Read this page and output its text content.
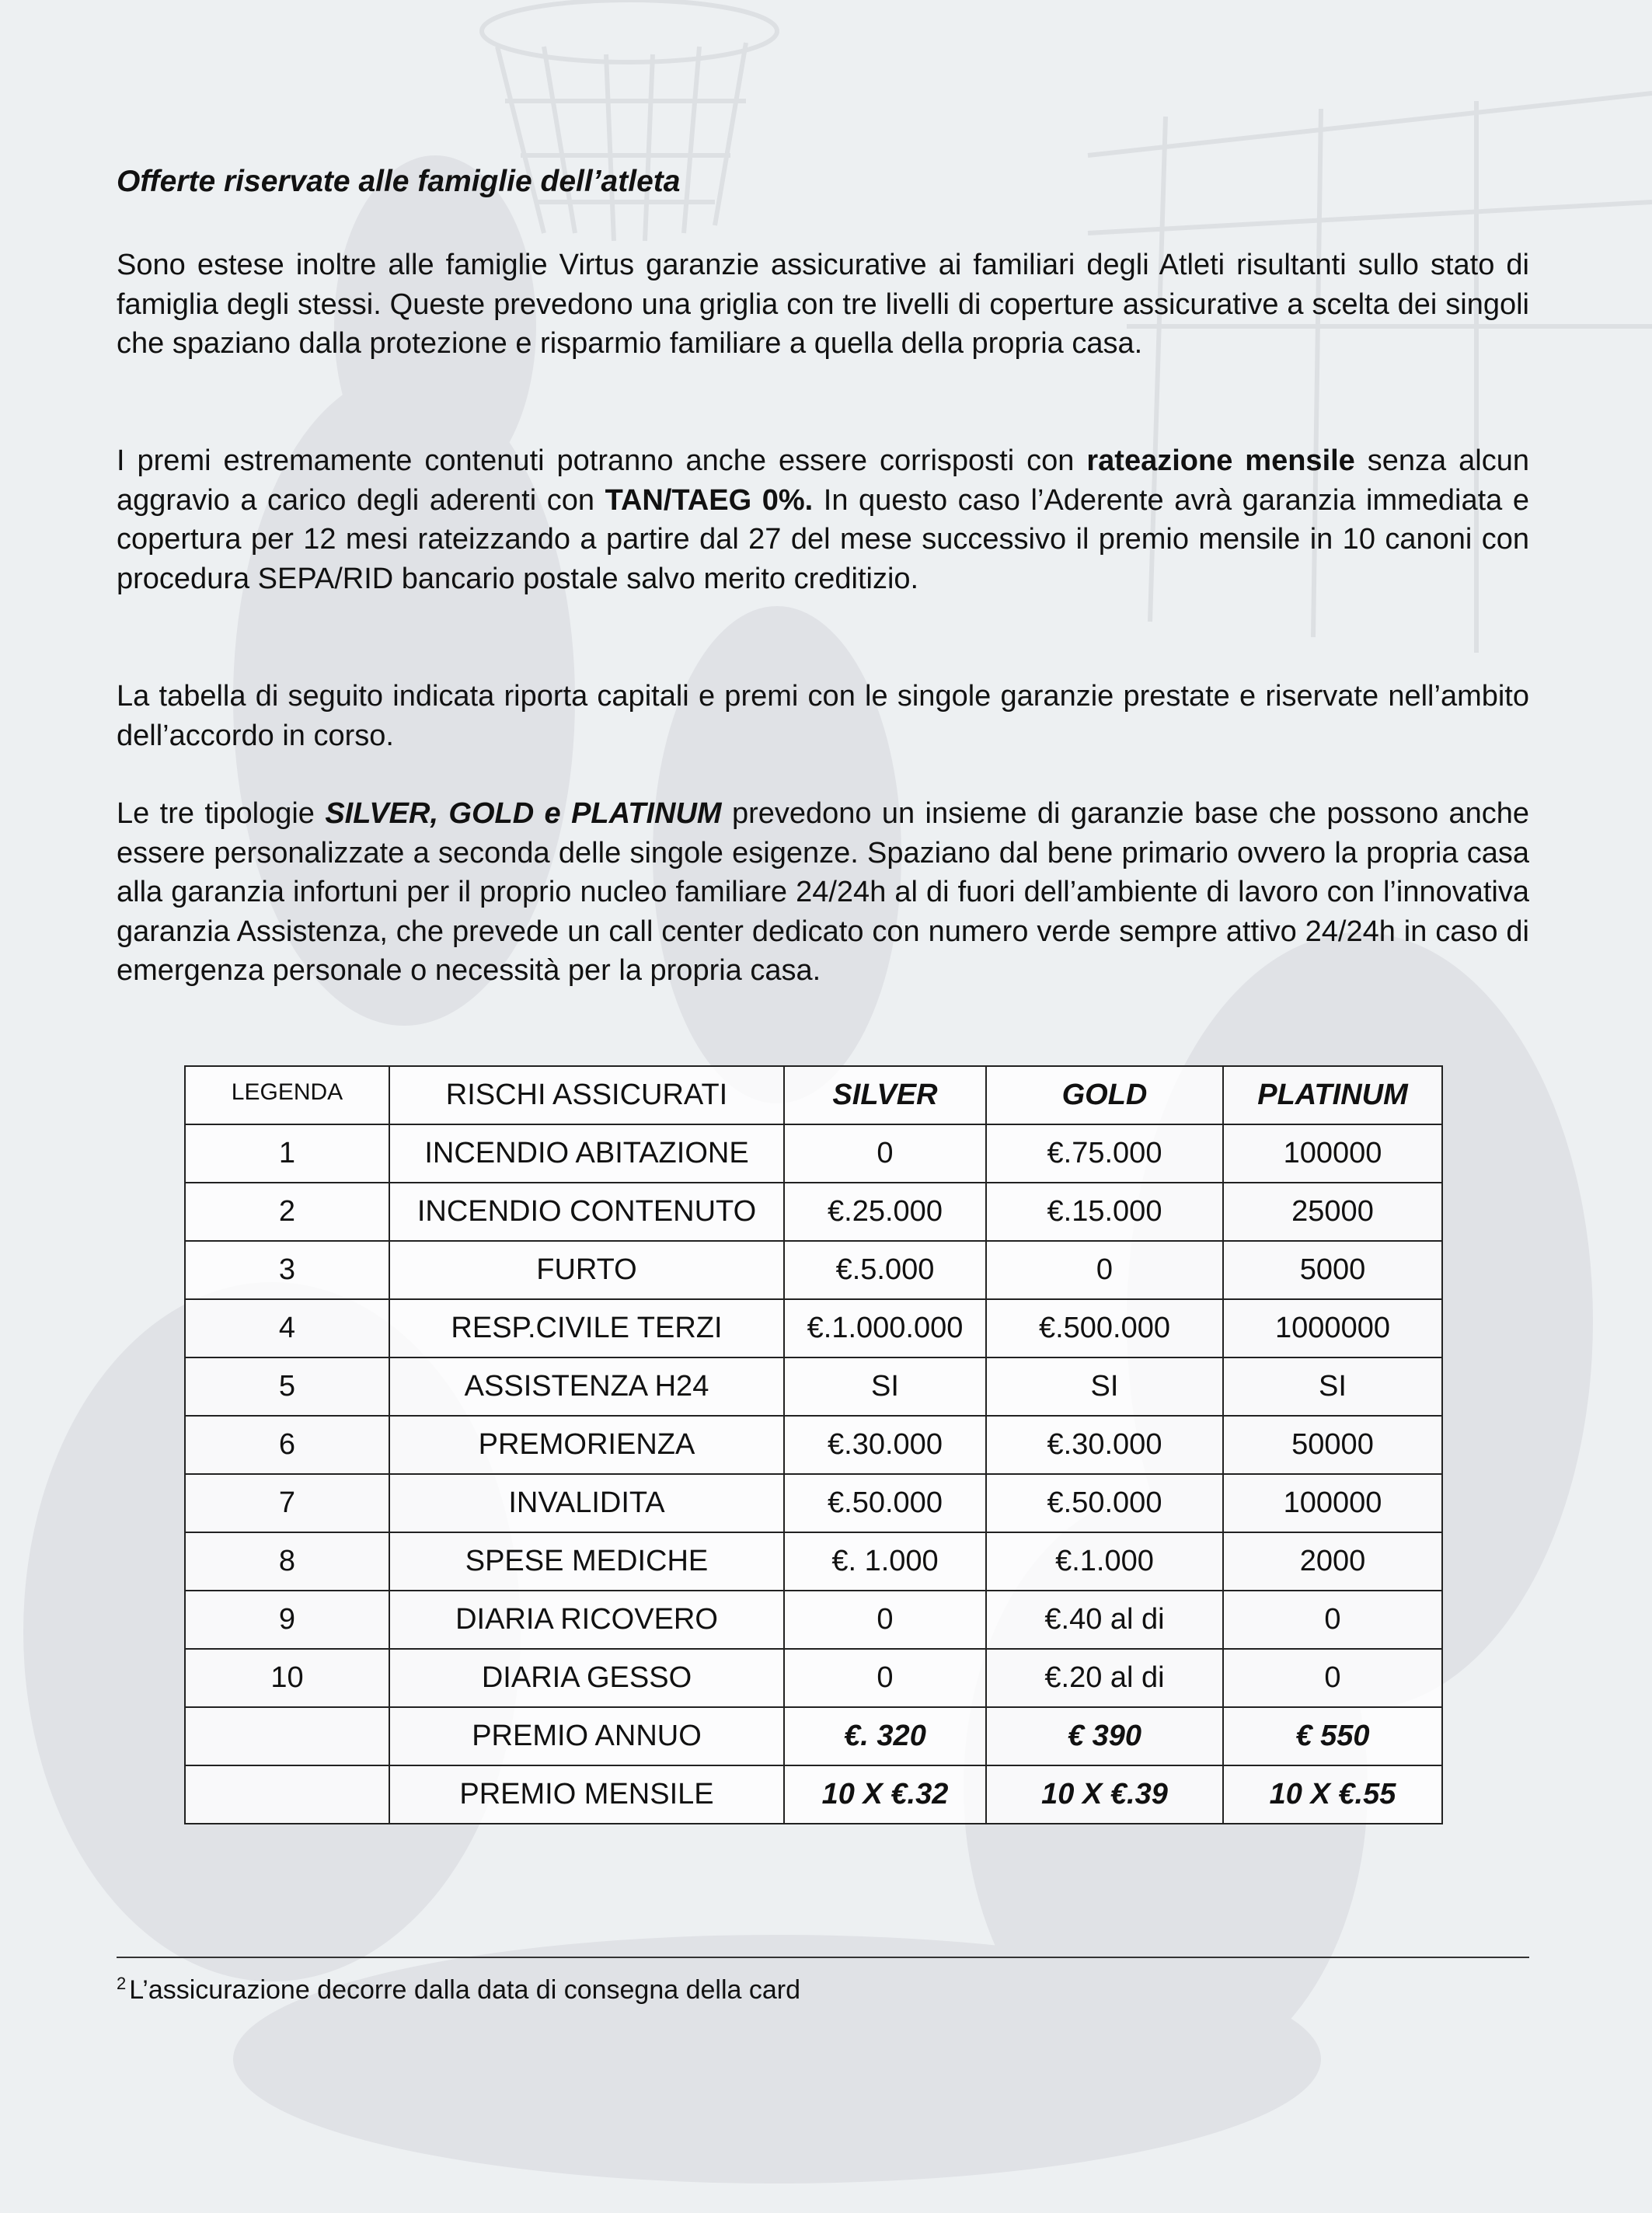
Offerte riservate alle famiglie dell’atleta

Sono estese inoltre alle famiglie Virtus garanzie assicurative ai familiari degli Atleti risultanti sullo stato di famiglia degli stessi. Queste prevedono una griglia con tre livelli di coperture assicurative a scelta dei singoli che spaziano dalla protezione e risparmio familiare a quella della propria casa.

I premi estremamente contenuti potranno anche essere corrisposti con rateazione mensile senza alcun aggravio a carico degli aderenti con TAN/TAEG 0%. In questo caso l’Aderente avrà garanzia immediata e copertura per 12 mesi rateizzando a partire dal 27 del mese successivo il premio mensile in 10 canoni con procedura SEPA/RID bancario postale salvo merito creditizio.

La tabella di seguito indicata riporta capitali e premi con le singole garanzie prestate e riservate nell’ambito dell’accordo in corso.

Le tre tipologie SILVER, GOLD e PLATINUM prevedono un insieme di garanzie base che possono anche essere personalizzate a seconda delle singole esigenze. Spaziano dal bene primario ovvero la propria casa alla garanzia infortuni per il proprio nucleo familiare 24/24h al di fuori dell’ambiente di lavoro con l’innovativa garanzia Assistenza, che prevede un call center dedicato con numero verde sempre attivo 24/24h in caso di emergenza personale o necessità per la propria casa.

LEGENDA	RISCHI ASSICURATI	SILVER	GOLD	PLATINUM
1	INCENDIO ABITAZIONE	0	€.75.000	100000
2	INCENDIO CONTENUTO	€.25.000	€.15.000	25000
3	FURTO	€.5.000	0	5000
4	RESP.CIVILE TERZI	€.1.000.000	€.500.000	1000000
5	ASSISTENZA H24	SI	SI	SI
6	PREMORIENZA	€.30.000	€.30.000	50000
7	INVALIDITA	€.50.000	€.50.000	100000
8	SPESE MEDICHE	€. 1.000	€.1.000	2000
9	DIARIA RICOVERO	0	€.40 al di	0
10	DIARIA GESSO	0	€.20 al di	0
	PREMIO ANNUO	€. 320	€ 390	€ 550
	PREMIO MENSILE	10 X €.32	10 X €.39	10 X €.55

$^2$ L’assicurazione decorre dalla data di consegna della card
